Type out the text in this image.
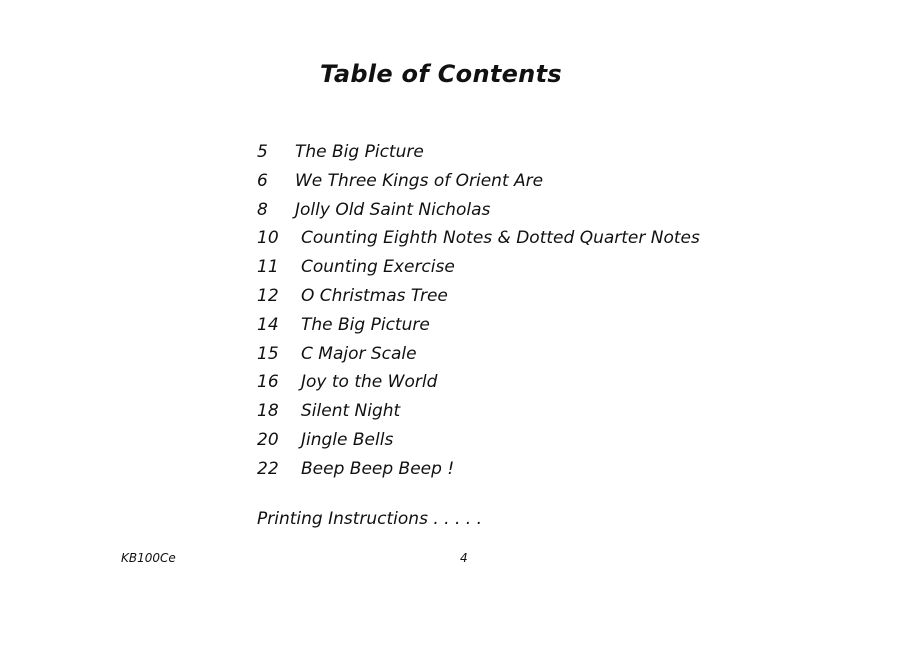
Table of Contents
5 The Big Picture
6 We Three Kings of Orient Are
8 Jolly Old Saint Nicholas
10 Counting Eighth Notes & Dotted Quarter Notes
11 Counting Exercise
12 O Christmas Tree
14 The Big Picture
15 C Major Scale
16 Joy to the World
18 Silent Night
20 Jingle Bells
22 Beep Beep Beep !
Printing Instructions . . . . .
KB100Ce	4
